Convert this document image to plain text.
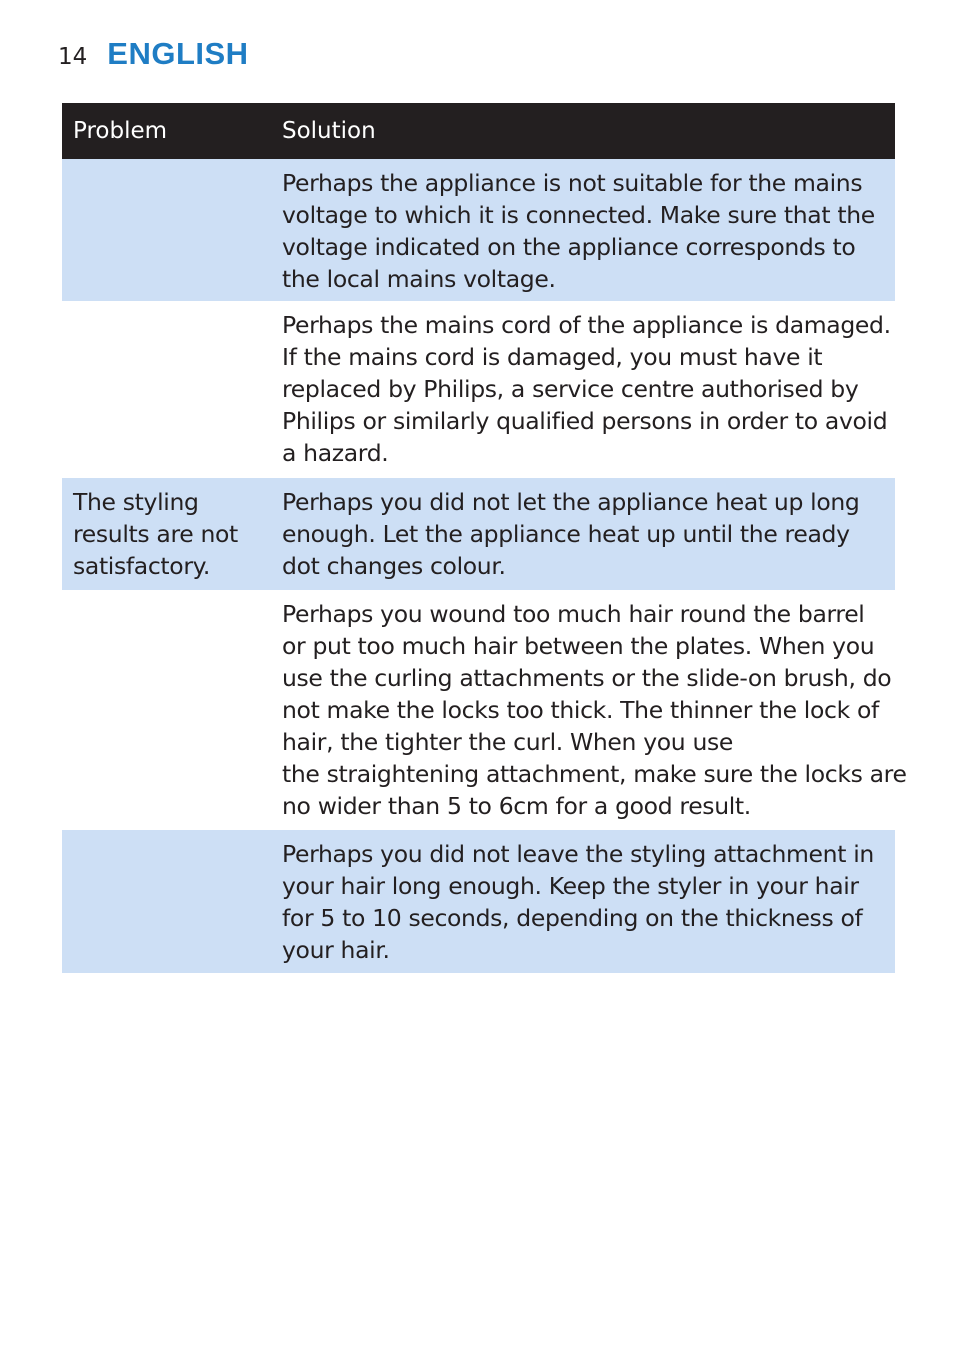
14 ENGLISH
Problem	Solution
Perhaps the appliance is not suitable for the mains
voltage to which it is connected. Make sure that the
voltage indicated on the appliance corresponds to
the local mains voltage.
Perhaps the mains cord of the appliance is damaged.
If the mains cord is damaged, you must have it
replaced by Philips, a service centre authorised by
Philips or similarly qualified persons in order to avoid
a hazard.
The styling
results are not
satisfactory.
Perhaps you did not let the appliance heat up long
enough. Let the appliance heat up until the ready
dot changes colour.
Perhaps you wound too much hair round the barrel
or put too much hair between the plates. When you
use the curling attachments or the slide-on brush, do
not make the locks too thick. The thinner the lock of
hair, the tighter the curl. When you use
the straightening attachment, make sure the locks are
no wider than 5 to 6cm for a good result.
Perhaps you did not leave the styling attachment in
your hair long enough. Keep the styler in your hair
for 5 to 10 seconds, depending on the thickness of
your hair.
